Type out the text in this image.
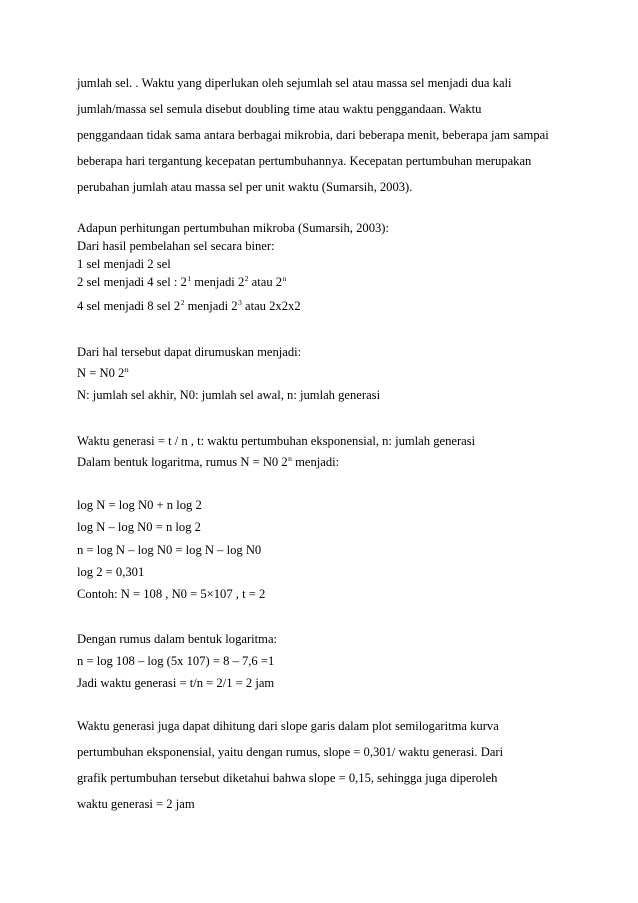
jumlah sel. . Waktu yang diperlukan oleh sejumlah sel atau massa sel menjadi dua kali
jumlah/massa sel semula disebut doubling time atau waktu penggandaan. Waktu
penggandaan tidak sama antara berbagai mikrobia, dari beberapa menit, beberapa jam sampai
beberapa hari tergantung kecepatan pertumbuhannya. Kecepatan pertumbuhan merupakan
perubahan jumlah atau massa sel per unit waktu (Sumarsih, 2003).
Adapun perhitungan pertumbuhan mikroba (Sumarsih, 2003):
Dari hasil pembelahan sel secara biner:
1 sel menjadi 2 sel
2 sel menjadi 4 sel : $2^1$ menjadi $2^2$ atau 2$^n$
4 sel menjadi 8 sel $2^2$ menjadi $2^3$ atau 2x2x2
Dari hal tersebut dapat dirumuskan menjadi:
N = N0 2$^n$
N: jumlah sel akhir, N0: jumlah sel awal, n: jumlah generasi
Waktu generasi = t / n , t: waktu pertumbuhan eksponensial, n: jumlah generasi
Dalam bentuk logaritma, rumus N = N0 2$^n$ menjadi:
log N = log N0 + n log 2
log N – log N0 = n log 2
n = log N – log N0 = log N – log N0
log 2 = 0,301
Contoh: N = 108 , N0 = 5×107 , t = 2
Dengan rumus dalam bentuk logaritma:
n = log 108 – log (5x 107) = 8 – 7,6 =1
Jadi waktu generasi = t/n = 2/1 = 2 jam
Waktu generasi juga dapat dihitung dari slope garis dalam plot semilogaritma kurva
pertumbuhan eksponensial, yaitu dengan rumus, slope = 0,301/ waktu generasi. Dari
grafik pertumbuhan tersebut diketahui bahwa slope = 0,15, sehingga juga diperoleh
waktu generasi = 2 jam
